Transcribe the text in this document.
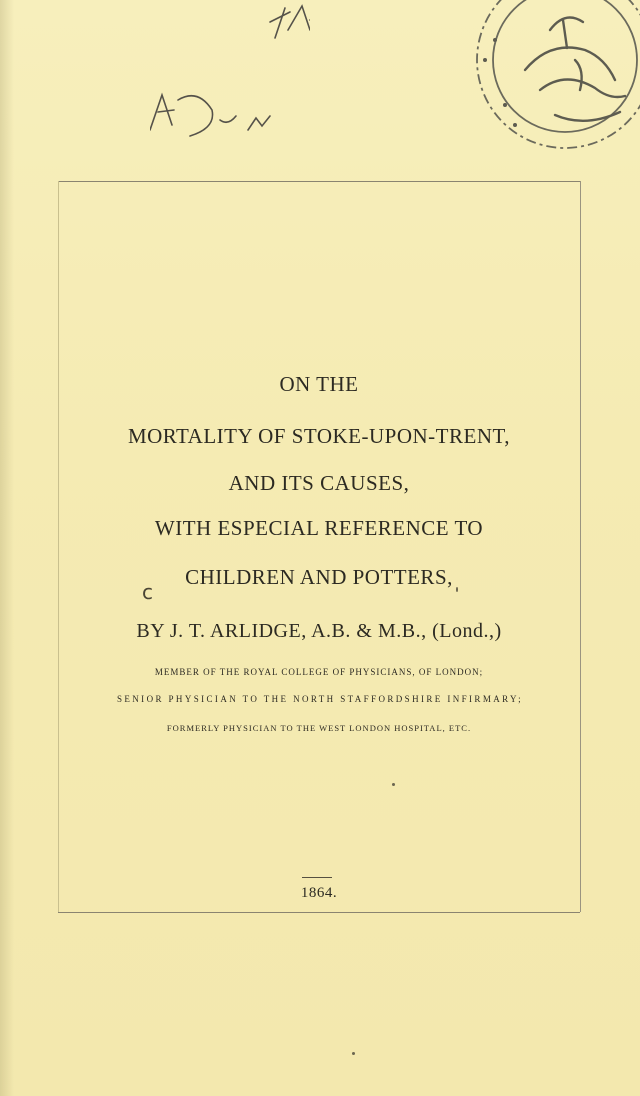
ON THE
MORTALITY OF STOKE-UPON-TRENT,
AND ITS CAUSES,
WITH ESPECIAL REFERENCE TO
CHILDREN AND POTTERS,
c
BY J. T. ARLIDGE, A.B. & M.B., (Lond.,)
MEMBER OF THE ROYAL COLLEGE OF PHYSICIANS, OF LONDON;
SENIOR PHYSICIAN TO THE NORTH STAFFORDSHIRE INFIRMARY;
FORMERLY PHYSICIAN TO THE WEST LONDON HOSPITAL, ETC.
1864.
